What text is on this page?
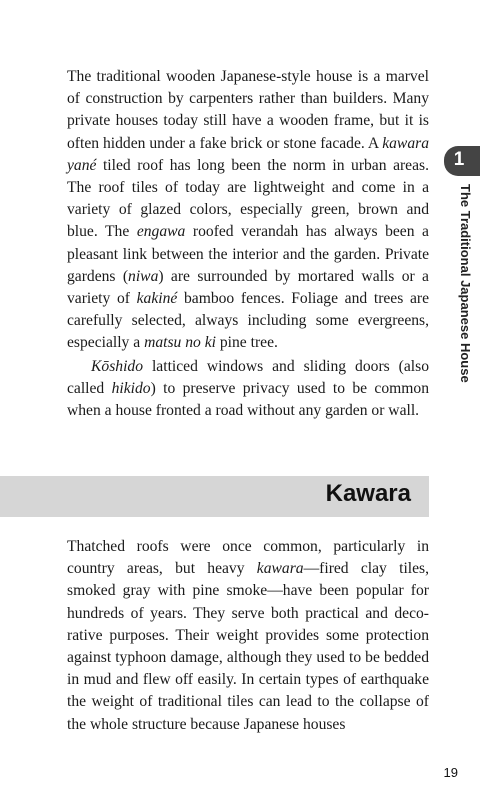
1
The Traditional Japanese House

The traditional wooden Japanese-style house is a marvel of construction by carpenters rather than builders. Many private houses today still have a wooden frame, but it is often hidden under a fake brick or stone facade. A kawara yané tiled roof has long been the norm in urban areas. The roof tiles of today are lightweight and come in a variety of glazed colors, especially green, brown and blue. The engawa roofed verandah has always been a pleasant link between the interior and the garden. Private gardens (niwa) are surrounded by mortared walls or a variety of kakiné bamboo fences. Foliage and trees are carefully selected, always including some evergreens, especially a matsu no ki pine tree.

Kōshido latticed windows and sliding doors (also called hikido) to preserve privacy used to be common when a house fronted a road without any garden or wall.

Kawara

Thatched roofs were once common, particularly in country areas, but heavy kawara—fired clay tiles, smoked gray with pine smoke—have been popular for hundreds of years. They serve both practical and decorative purposes. Their weight provides some protection against typhoon damage, although they used to be bedded in mud and flew off easily. In certain types of earthquake the weight of traditional tiles can lead to the collapse of the whole structure because Japanese houses

19
